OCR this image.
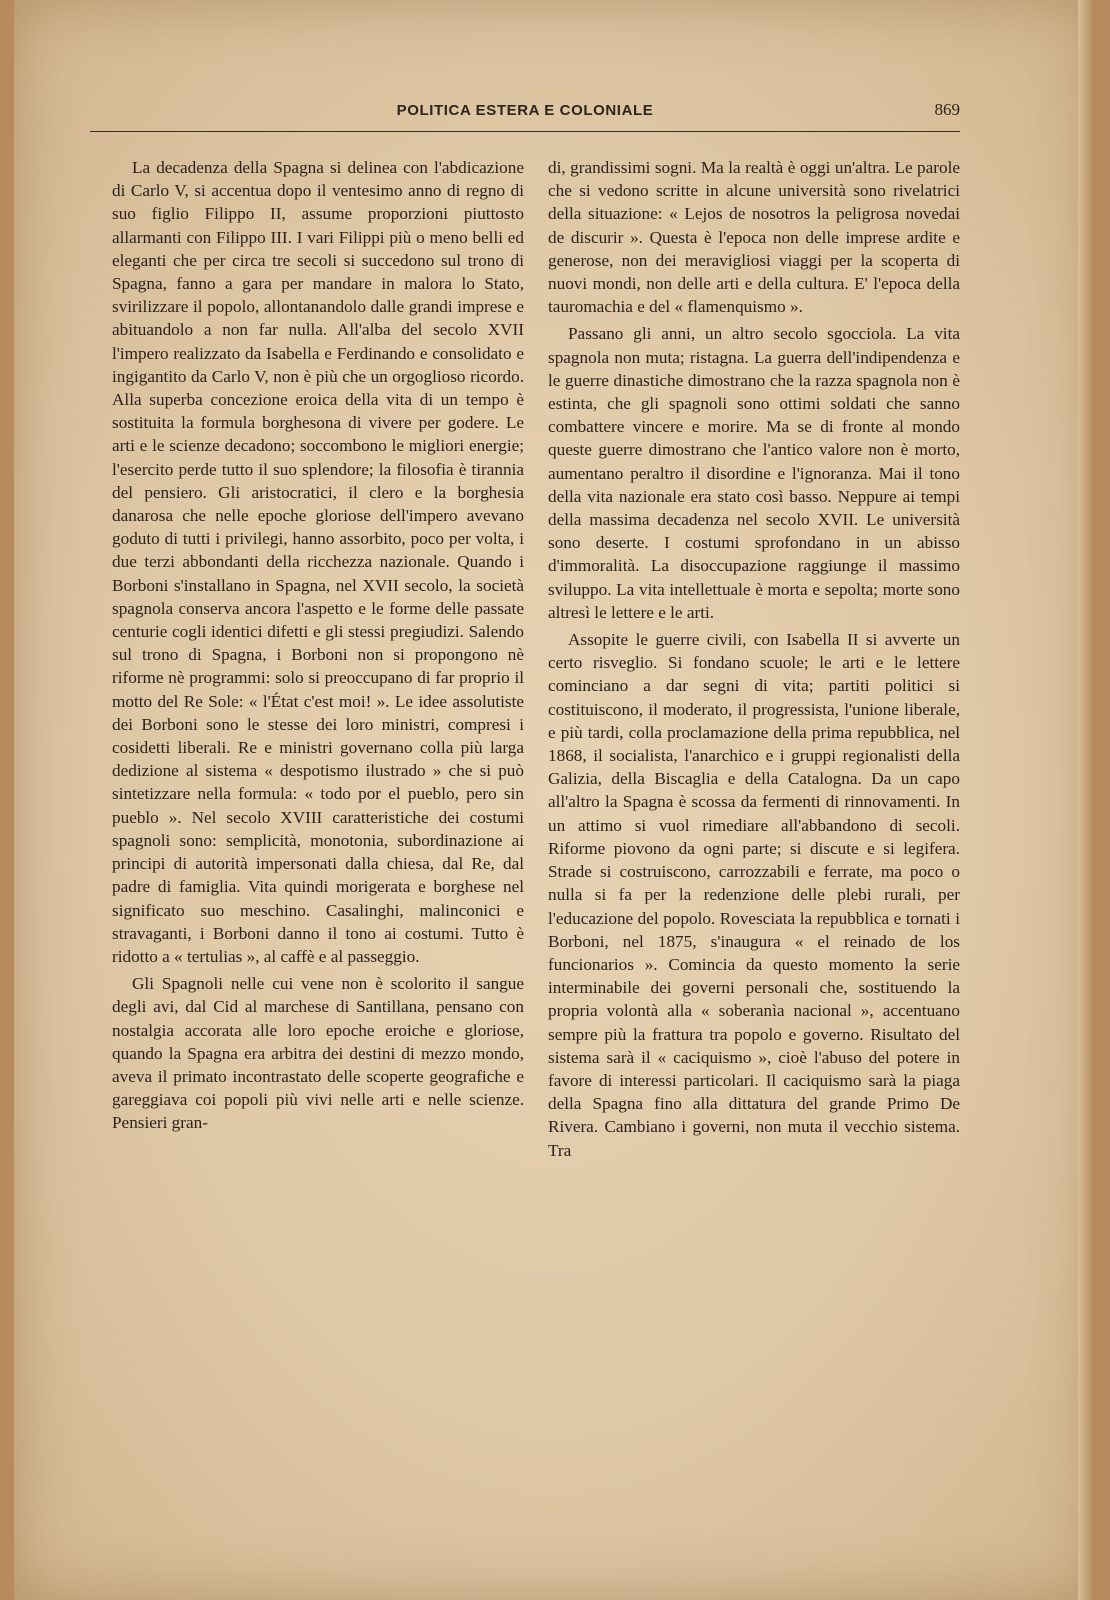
POLITICA ESTERA E COLONIALE	869

La decadenza della Spagna si delinea con l'abdicazione di Carlo V, si accentua dopo il ventesimo anno di regno di suo figlio Filippo II, assume proporzioni piuttosto allarmanti con Filippo III. I vari Filippi più o meno belli ed eleganti che per circa tre secoli si succedono sul trono di Spagna, fanno a gara per mandare in malora lo Stato, svirilizzare il popolo, allontanandolo dalle grandi imprese e abituandolo a non far nulla. All'alba del secolo XVII l'impero realizzato da Isabella e Ferdinando e consolidato e ingigantito da Carlo V, non è più che un orgoglioso ricordo. Alla superba concezione eroica della vita di un tempo è sostituita la formula borghesona di vivere per godere. Le arti e le scienze decadono; soccombono le migliori energie; l'esercito perde tutto il suo splendore; la filosofia è tirannia del pensiero. Gli aristocratici, il clero e la borghesia danarosa che nelle epoche gloriose dell'impero avevano goduto di tutti i privilegi, hanno assorbito, poco per volta, i due terzi abbondanti della ricchezza nazionale. Quando i Borboni s'installano in Spagna, nel XVII secolo, la società spagnola conserva ancora l'aspetto e le forme delle passate centurie cogli identici difetti e gli stessi pregiudizi. Salendo sul trono di Spagna, i Borboni non si propongono nè riforme nè programmi: solo si preoccupano di far proprio il motto del Re Sole: « l'État c'est moi! ». Le idee assolutiste dei Borboni sono le stesse dei loro ministri, compresi i cosidetti liberali. Re e ministri governano colla più larga dedizione al sistema « despotismo ilustrado » che si può sintetizzare nella formula: « todo por el pueblo, pero sin pueblo ». Nel secolo XVIII caratteristiche dei costumi spagnoli sono: semplicità, monotonia, subordinazione ai principi di autorità impersonati dalla chiesa, dal Re, dal padre di famiglia. Vita quindi morigerata e borghese nel significato suo meschino. Casalinghi, malinconici e stravaganti, i Borboni danno il tono ai costumi. Tutto è ridotto a « tertulias », al caffè e al passeggio.

Gli Spagnoli nelle cui vene non è scolorito il sangue degli avi, dal Cid al marchese di Santillana, pensano con nostalgia accorata alle loro epoche eroiche e gloriose, quando la Spagna era arbitra dei destini di mezzo mondo, aveva il primato incontrastato delle scoperte geografiche e gareggiava coi popoli più vivi nelle arti e nelle scienze. Pensieri gran-

di, grandissimi sogni. Ma la realtà è oggi un'altra. Le parole che si vedono scritte in alcune università sono rivelatrici della situazione: « Lejos de nosotros la peligrosa novedai de discurir ». Questa è l'epoca non delle imprese ardite e generose, non dei meravigliosi viaggi per la scoperta di nuovi mondi, non delle arti e della cultura. E' l'epoca della tauromachia e del « flamenquismo ».

Passano gli anni, un altro secolo sgocciola. La vita spagnola non muta; ristagna. La guerra dell'indipendenza e le guerre dinastiche dimostrano che la razza spagnola non è estinta, che gli spagnoli sono ottimi soldati che sanno combattere vincere e morire. Ma se di fronte al mondo queste guerre dimostrano che l'antico valore non è morto, aumentano peraltro il disordine e l'ignoranza. Mai il tono della vita nazionale era stato così basso. Neppure ai tempi della massima decadenza nel secolo XVII. Le università sono deserte. I costumi sprofondano in un abisso d'immoralità. La disoccupazione raggiunge il massimo sviluppo. La vita intellettuale è morta e sepolta; morte sono altresì le lettere e le arti.

Assopite le guerre civili, con Isabella II si avverte un certo risveglio. Si fondano scuole; le arti e le lettere cominciano a dar segni di vita; partiti politici si costituiscono, il moderato, il progressista, l'unione liberale, e più tardi, colla proclamazione della prima repubblica, nel 1868, il socialista, l'anarchico e i gruppi regionalisti della Galizia, della Biscaglia e della Catalogna. Da un capo all'altro la Spagna è scossa da fermenti di rinnovamenti. In un attimo si vuol rimediare all'abbandono di secoli. Riforme piovono da ogni parte; si discute e si legifera. Strade si costruiscono, carrozzabili e ferrate, ma poco o nulla si fa per la redenzione delle plebi rurali, per l'educazione del popolo. Rovesciata la repubblica e tornati i Borboni, nel 1875, s'inaugura « el reinado de los funcionarios ». Comincia da questo momento la serie interminabile dei governi personali che, sostituendo la propria volontà alla « soberanìa nacional », accentuano sempre più la frattura tra popolo e governo. Risultato del sistema sarà il « caciquismo », cioè l'abuso del potere in favore di interessi particolari. Il caciquismo sarà la piaga della Spagna fino alla dittatura del grande Primo De Rivera. Cambiano i governi, non muta il vecchio sistema. Tra
